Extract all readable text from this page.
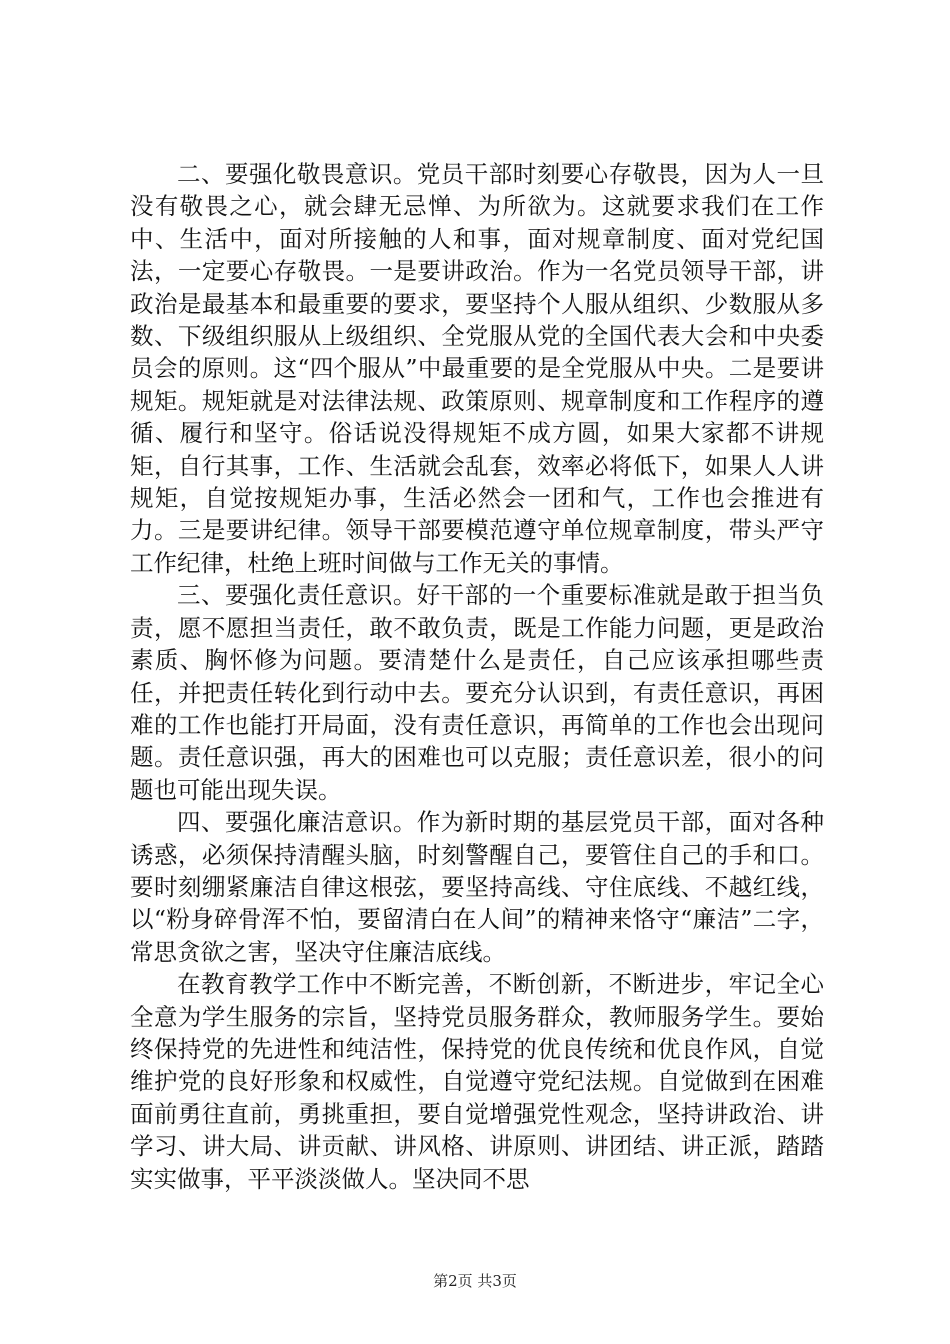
二、要强化敬畏意识。党员干部时刻要心存敬畏，因为人一旦没有敬畏之心，就会肆无忌惮、为所欲为。这就要求我们在工作中、生活中，面对所接触的人和事，面对规章制度、面对党纪国法，一定要心存敬畏。一是要讲政治。作为一名党员领导干部，讲政治是最基本和最重要的要求，要坚持个人服从组织、少数服从多数、下级组织服从上级组织、全党服从党的全国代表大会和中央委员会的原则。这“四个服从”中最重要的是全党服从中央。二是要讲规矩。规矩就是对法律法规、政策原则、规章制度和工作程序的遵循、履行和坚守。俗话说没得规矩不成方圆，如果大家都不讲规矩，自行其事，工作、生活就会乱套，效率必将低下，如果人人讲规矩，自觉按规矩办事，生活必然会一团和气，工作也会推进有力。三是要讲纪律。领导干部要模范遵守单位规章制度，带头严守工作纪律，杜绝上班时间做与工作无关的事情。

三、要强化责任意识。好干部的一个重要标准就是敢于担当负责，愿不愿担当责任，敢不敢负责，既是工作能力问题，更是政治素质、胸怀修为问题。要清楚什么是责任，自己应该承担哪些责任，并把责任转化到行动中去。要充分认识到，有责任意识，再困难的工作也能打开局面，没有责任意识，再简单的工作也会出现问题。责任意识强，再大的困难也可以克服；责任意识差，很小的问题也可能出现失误。

四、要强化廉洁意识。作为新时期的基层党员干部，面对各种诱惑，必须保持清醒头脑，时刻警醒自己，要管住自己的手和口。要时刻绷紧廉洁自律这根弦，要坚持高线、守住底线、不越红线，以“粉身碎骨浑不怕，要留清白在人间”的精神来恪守“廉洁”二字，常思贪欲之害，坚决守住廉洁底线。

在教育教学工作中不断完善，不断创新，不断进步，牢记全心全意为学生服务的宗旨，坚持党员服务群众，教师服务学生。要始终保持党的先进性和纯洁性，保持党的优良传统和优良作风，自觉维护党的良好形象和权威性，自觉遵守党纪法规。自觉做到在困难面前勇往直前，勇挑重担，要自觉增强党性观念，坚持讲政治、讲学习、讲大局、讲贡献、讲风格、讲原则、讲团结、讲正派，踏踏实实做事，平平淡淡做人。坚决同不思

第2页 共3页
